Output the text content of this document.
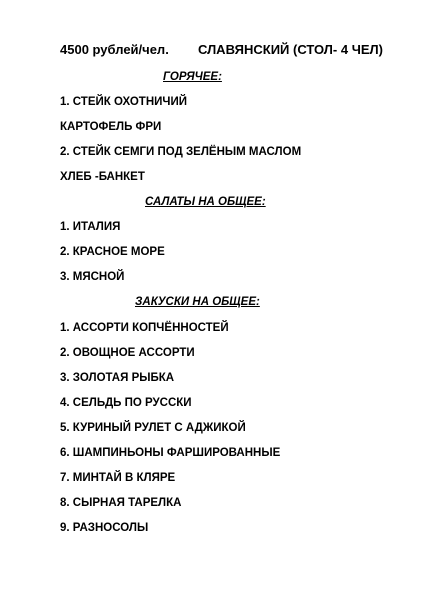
4500 рублей/чел. СЛАВЯНСКИЙ (СТОЛ- 4 ЧЕЛ)
ГОРЯЧЕЕ:
1. СТЕЙК ОХОТНИЧИЙ
КАРТОФЕЛЬ ФРИ
2. СТЕЙК СЕМГИ ПОД ЗЕЛЁНЫМ МАСЛОМ
ХЛЕБ -БАНКЕТ
САЛАТЫ НА ОБЩЕЕ:
1. ИТАЛИЯ
2. КРАСНОЕ МОРЕ
3. МЯСНОЙ
ЗАКУСКИ НА ОБЩЕЕ:
1. АССОРТИ КОПЧЁННОСТЕЙ
2. ОВОЩНОЕ АССОРТИ
3. ЗОЛОТАЯ РЫБКА
4. СЕЛЬДЬ ПО РУССКИ
5. КУРИНЫЙ РУЛЕТ С АДЖИКОЙ
6. ШАМПИНЬОНЫ ФАРШИРОВАННЫЕ
7. МИНТАЙ В КЛЯРЕ
8. СЫРНАЯ ТАРЕЛКА
9. РАЗНОСОЛЫ
